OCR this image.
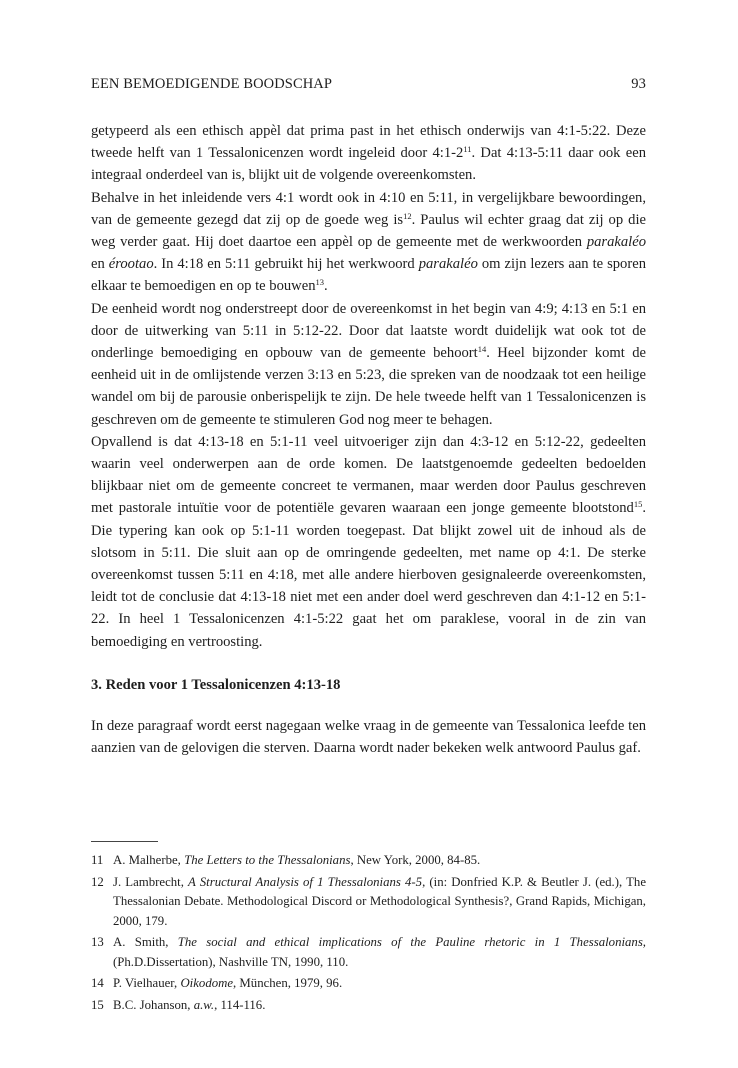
EEN BEMOEDIGENDE BOODSCHAP	93

getypeerd als een ethisch appèl dat prima past in het ethisch onderwijs van 4:1-5:22. Deze tweede helft van 1 Tessalonicenzen wordt ingeleid door $4:1-2^{11}$. Dat 4:13-5:11 daar ook een integraal onderdeel van is, blijkt uit de volgende overeenkomsten.

Behalve in het inleidende vers 4:1 wordt ook in 4:10 en 5:11, in vergelijkbare bewoordingen, van de gemeente gezegd dat zij op de goede weg $is^{12}$. Paulus wil echter graag dat zij op die weg verder gaat. Hij doet daartoe een appèl op de gemeente met de werkwoorden parakaléo en érootao. In 4:18 en 5:11 gebruikt hij het werkwoord parakaléo om zijn lezers aan te sporen elkaar te bemoedigen en op te bouwen$^{13}$.

De eenheid wordt nog onderstreept door de overeenkomst in het begin van 4:9; 4:13 en 5:1 en door de uitwerking van 5:11 in 5:12-22. Door dat laatste wordt duidelijk wat ook tot de onderlinge bemoediging en opbouw van de gemeente behoort$^{14}$. Heel bijzonder komt de eenheid uit in de omlijstende verzen 3:13 en 5:23, die spreken van de noodzaak tot een heilige wandel om bij de parousie onberispelijk te zijn. De hele tweede helft van 1 Tessalonicenzen is geschreven om de gemeente te stimuleren God nog meer te behagen.

Opvallend is dat 4:13-18 en 5:1-11 veel uitvoeriger zijn dan 4:3-12 en 5:12-22, gedeelten waarin veel onderwerpen aan de orde komen. De laatstgenoemde gedeelten bedoelden blijkbaar niet om de gemeente concreet te vermanen, maar werden door Paulus geschreven met pastorale intuïtie voor de potentiële gevaren waaraan een jonge gemeente blootstond$^{15}$. Die typering kan ook op 5:1-11 worden toegepast. Dat blijkt zowel uit de inhoud als de slotsom in 5:11. Die sluit aan op de omringende gedeelten, met name op 4:1. De sterke overeenkomst tussen 5:11 en 4:18, met alle andere hierboven gesignaleerde overeenkomsten, leidt tot de conclusie dat 4:13-18 niet met een ander doel werd geschreven dan 4:1-12 en 5:1-22. In heel 1 Tessalonicenzen 4:1-5:22 gaat het om paraklese, vooral in de zin van bemoediging en vertroosting.

3. Reden voor 1 Tessalonicenzen 4:13-18

In deze paragraaf wordt eerst nagegaan welke vraag in de gemeente van Tessalonica leefde ten aanzien van de gelovigen die sterven. Daarna wordt nader bekeken welk antwoord Paulus gaf.

11 A. Malherbe, The Letters to the Thessalonians, New York, 2000, 84-85.

12 J. Lambrecht, A Structural Analysis of 1 Thessalonians 4-5, (in: Donfried K.P. & Beutler J. (ed.), The Thessalonian Debate. Methodological Discord or Methodological Synthesis?, Grand Rapids, Michigan, 2000, 179.

13 A. Smith, The social and ethical implications of the Pauline rhetoric in 1 Thessalonians, (Ph.D.Dissertation), Nashville TN, 1990, 110.

14 P. Vielhauer, Oikodome, München, 1979, 96.

15 B.C. Johanson, a.w., 114-116.
